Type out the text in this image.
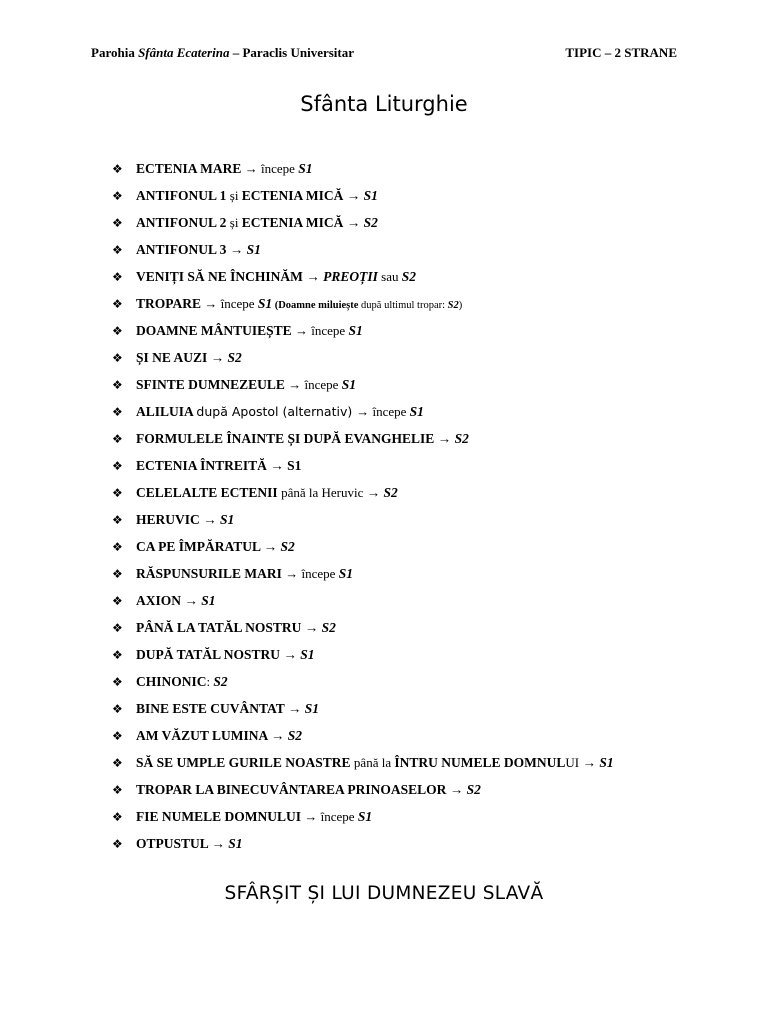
Parohia Sfânta Ecaterina – Paraclis Universitar	TIPIC – 2 STRANE
Sfânta Liturghie
❖ ECTENIA MARE → începe S1
❖ ANTIFONUL 1 și ECTENIA MICĂ → S1
❖ ANTIFONUL 2 și ECTENIA MICĂ → S2
❖ ANTIFONUL 3 → S1
❖ VENIȚI SĂ NE ÎNCHINĂM → PREOȚII sau S2
❖ TROPARE → începe S1 (Doamne miluiește după ultimul tropar: S2)
❖ DOAMNE MÂNTUIEȘTE → începe S1
❖ ȘI NE AUZI → S2
❖ SFINTE DUMNEZEULE → începe S1
❖ ALILUIA după Apostol (alternativ) → începe S1
❖ FORMULELE ÎNAINTE ȘI DUPĂ EVANGHELIE → S2
❖ ECTENIA ÎNTREITĂ → S1
❖ CELELALTE ECTENII până la Heruvic → S2
❖ HERUVIC → S1
❖ CA PE ÎMPĂRATUL → S2
❖ RĂSPUNSURILE MARI → începe S1
❖ AXION → S1
❖ PÂNĂ LA TATĂL NOSTRU → S2
❖ DUPĂ TATĂL NOSTRU → S1
❖ CHINONIC: S2
❖ BINE ESTE CUVÂNTAT → S1
❖ AM VĂZUT LUMINA → S2
❖ SĂ SE UMPLE GURILE NOASTRE până la ÎNTRU NUMELE DOMNULUI → S1
❖ TROPAR LA BINECUVÂNTAREA PRINOASELOR → S2
❖ FIE NUMELE DOMNULUI → începe S1
❖ OTPUSTUL → S1
SFÂRȘIT ȘI LUI DUMNEZEU SLAVĂ
